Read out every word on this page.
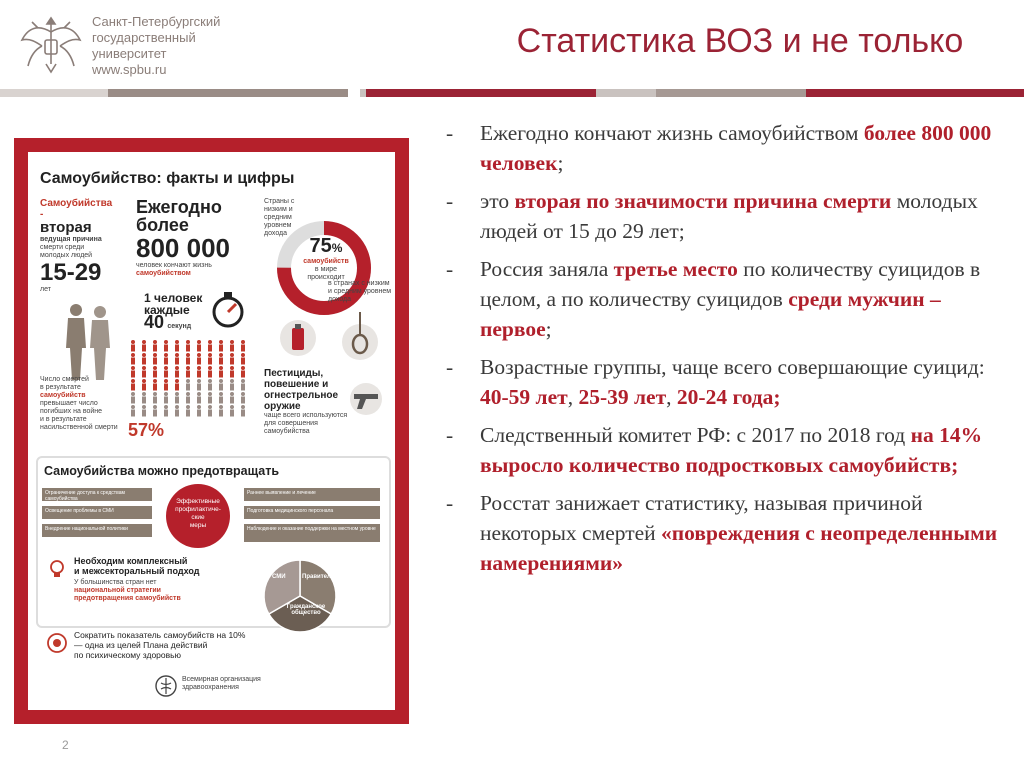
Санкт-Петербургский
государственный
университет
www.spbu.ru
Статистика ВОЗ и не только
Самоубийство: факты и цифры
Самоубийства -
вторая
ведущая причина
смерти среди
молодых людей
15-29
лет
Ежегодно
более
800 000
человек кончают жизнь
самоубийством
1 человек
каждые
40 секунд
Страны с
низким и средним
уровнем дохода
75%
самоубийств
в мире
происходит
в странах с низким
и средним уровнем
дохода
Пестициды,
повешение и
огнестрельное
оружие
чаще всего используются
для совершения самоубийства
Число смертей
в результате
самоубийств
превышает число
погибших на войне
и в результате
насильственной смерти 57%
Самоубийства можно предотвращать
Ограничение доступа к средствам самоубийства
Освещение проблемы в СМИ
Внедрение национальной политики
Эффективные
профилактиче-
ские
меры
Раннее выявление и лечение
Подготовка медицинского персонала
Наблюдение и оказание поддержки на местном уровне
Необходим комплексный
и межсекторальный подход
У большинства стран нет
национальной стратегии
предотвращения самоубийств
СМИ	Правительство
Гражданское общество
Сократить показатель самоубийств на 10%
— одна из целей Плана действий
по психическому здоровью
Всемирная организация
здравоохранения
- Ежегодно кончают жизнь самоубийством более 800 000 человек;
- это вторая по значимости причина смерти молодых людей от 15 до 29 лет;
- Россия заняла третье место по количеству суицидов в целом, а по количеству суицидов среди мужчин – первое;
- Возрастные группы, чаще всего совершающие суицид: 40-59 лет, 25-39 лет, 20-24 года;
- Следственный комитет РФ: с 2017 по 2018 год на 14% выросло количество подростковых самоубийств;
- Росстат занижает статистику, называя причиной некоторых смертей «повреждения с неопределенными намерениями»
2
